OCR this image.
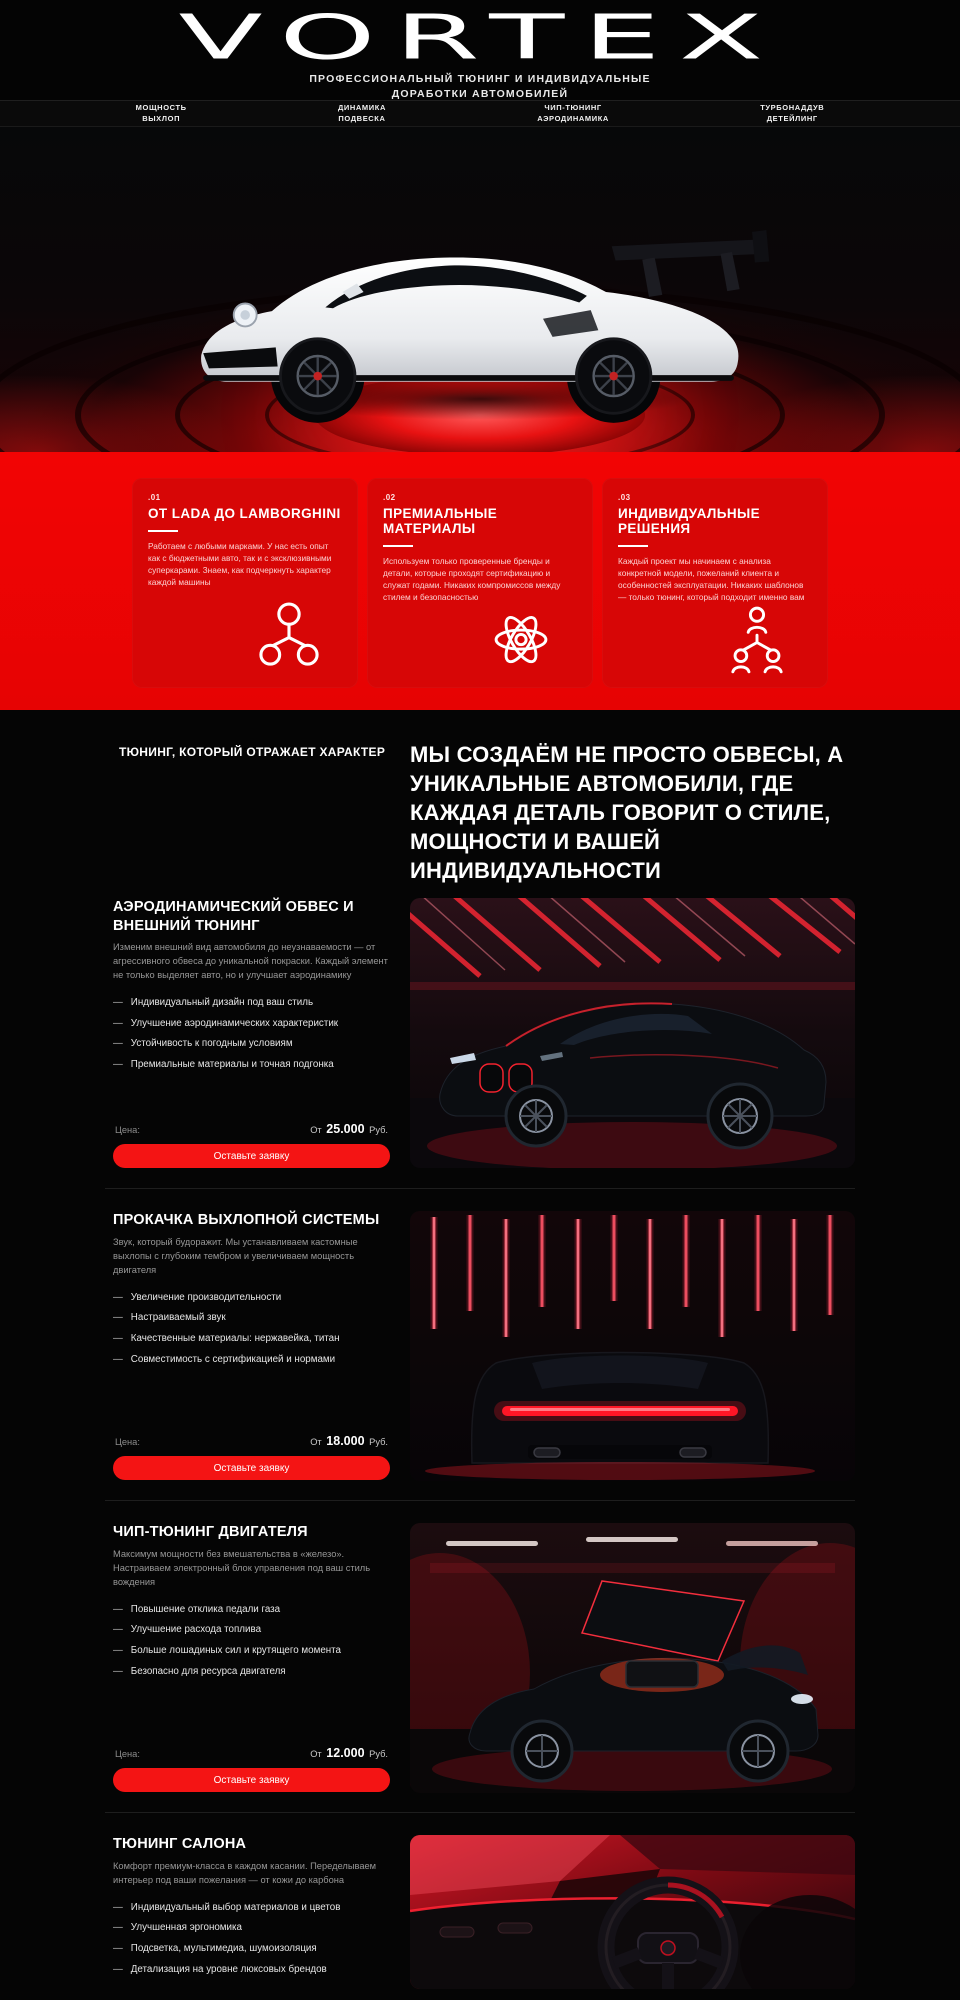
VORTEX
ПРОФЕССИОНАЛЬНЫЙ ТЮНИНГ И ИНДИВИДУАЛЬНЫЕ
ДОРАБОТКИ АВТОМОБИЛЕЙ
МОЩНОСТЬ
ВЫХЛОП
ДИНАМИКА
ПОДВЕСКА
ЧИП-ТЮНИНГ
АЭРОДИНАМИКА
ТУРБОНАДДУВ
ДЕТЕЙЛИНГ
.01
ОТ LADA ДО LAMBORGHINI
Работаем с любыми марками. У нас есть опыт как с бюджетными авто, так и с эксклюзивными суперкарами. Знаем, как подчеркнуть характер каждой машины
.02
ПРЕМИАЛЬНЫЕ МАТЕРИАЛЫ
Используем только проверенные бренды и детали, которые проходят сертификацию и служат годами. Никаких компромиссов между стилем и безопасностью
.03
ИНДИВИДУАЛЬНЫЕ РЕШЕНИЯ
Каждый проект мы начинаем с анализа конкретной модели, пожеланий клиента и особенностей эксплуатации. Никаких шаблонов — только тюнинг, который подходит именно вам
ТЮНИНГ, КОТОРЫЙ ОТРАЖАЕТ ХАРАКТЕР МЫ СОЗДАЁМ НЕ ПРОСТО ОБВЕСЫ, А УНИКАЛЬНЫЕ АВТОМОБИЛИ, ГДЕ КАЖДАЯ ДЕТАЛЬ ГОВОРИТ О СТИЛЕ, МОЩНОСТИ И ВАШЕЙ ИНДИВИДУАЛЬНОСТИ
АЭРОДИНАМИЧЕСКИЙ ОБВЕС И ВНЕШНИЙ ТЮНИНГ

Изменим внешний вид автомобиля до неузнаваемости — от агрессивного обвеса до уникальной покраски. Каждый элемент не только выделяет авто, но и улучшает аэродинамику

— Индивидуальный дизайн под ваш стиль
— Улучшение аэродинамических характеристик
— Устойчивость к погодным условиям
— Премиальные материалы и точная подгонка
Цена:	От 25.000 Руб.
Оставьте заявку
ПРОКАЧКА ВЫХЛОПНОЙ СИСТЕМЫ

Звук, который будоражит. Мы устанавливаем кастомные выхлопы с глубоким тембром и увеличиваем мощность двигателя

— Увеличение производительности
— Настраиваемый звук
— Качественные материалы: нержавейка, титан
— Совместимость с сертификацией и нормами
Цена:	От 18.000 Руб.
Оставьте заявку
ЧИП-ТЮНИНГ ДВИГАТЕЛЯ

Максимум мощности без вмешательства в «железо». Настраиваем электронный блок управления под ваш стиль вождения

— Повышение отклика педали газа
— Улучшение расхода топлива
— Больше лошадиных сил и крутящего момента
— Безопасно для ресурса двигателя
Цена:	От 12.000 Руб.
Оставьте заявку
ТЮНИНГ САЛОНА

Комфорт премиум-класса в каждом касании. Переделываем интерьер под ваши пожелания — от кожи до карбона

— Индивидуальный выбор материалов и цветов
— Улучшенная эргономика
— Подсветка, мультимедиа, шумоизоляция
— Детализация на уровне люксовых брендов
